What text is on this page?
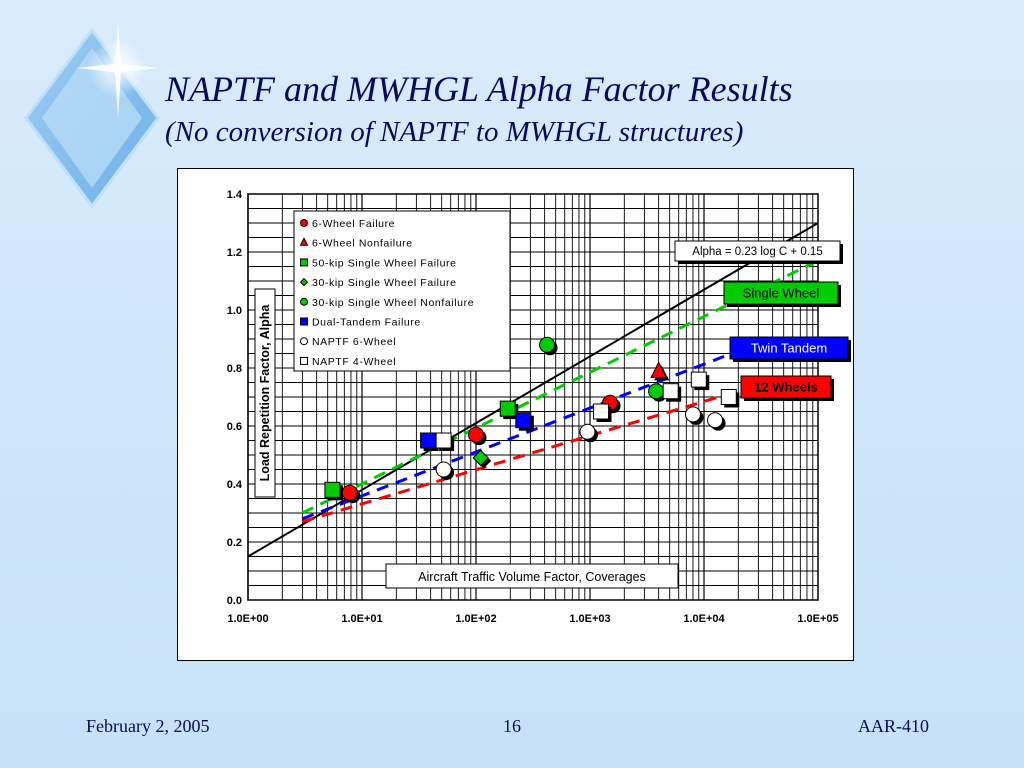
NAPTF and MWHGL Alpha Factor Results
(No conversion of NAPTF to MWHGL structures)
0.0
0.2
0.4
0.6
0.8
1.0
1.2
1.4
1.0E+00	1.0E+01	1.0E+02	1.0E+03	1.0E+04	1.0E+05
6-Wheel Failure
6-Wheel Nonfailure
50-kip Single Wheel Failure
30-kip Single Wheel Failure
30-kip Single Wheel Nonfailure
Dual-Tandem Failure
NAPTF 6-Wheel
NAPTF 4-Wheel
Alpha = 0.23 log C + 0.15
Single Wheel
Twin Tandem
12 Wheels
Aircraft Traffic Volume Factor, Coverages
Load Repetition Factor, Alpha
February 2, 2005	16	AAR-410
